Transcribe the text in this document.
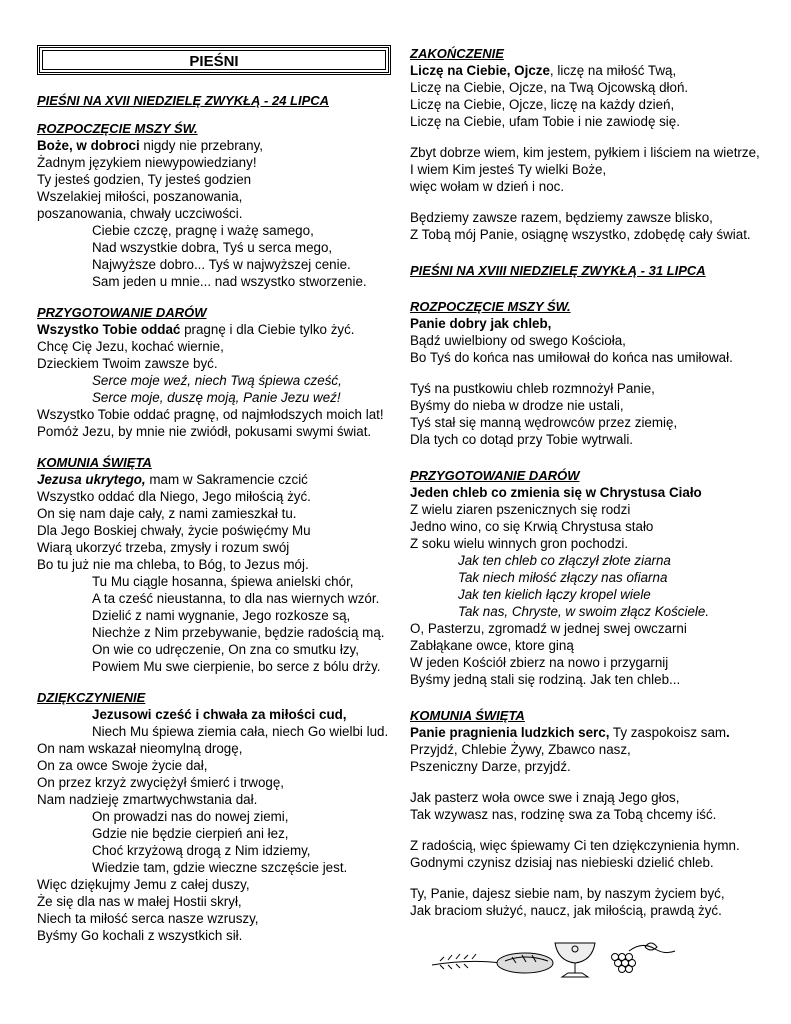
PIEŚNI
PIEŚNI NA XVII NIEDZIELĘ ZWYKŁĄ - 24 LIPCA
ROZPOCZĘCIE MSZY ŚW.
Boże, w dobroci nigdy nie przebrany,
Żadnym językiem niewypowiedziany!
Ty jesteś godzien, Ty jesteś godzien
Wszelakiej miłości, poszanowania,
poszanowania, chwały uczciwości.
Ciebie czczę, pragnę i ważę samego,
Nad wszystkie dobra, Tyś u serca mego,
Najwyższe dobro... Tyś w najwyższej cenie.
Sam jeden u mnie... nad wszystko stworzenie.
PRZYGOTOWANIE DARÓW
Wszystko Tobie oddać pragnę i dla Ciebie tylko żyć.
Chcę Cię Jezu, kochać wiernie,
Dzieckiem Twoim zawsze być.
Serce moje weź, niech Twą śpiewa cześć,
Serce moje, duszę moją, Panie Jezu weź!
Wszystko Tobie oddać pragnę, od najmłodszych moich lat!
Pomóż Jezu, by mnie nie zwiódł, pokusami swymi świat.
KOMUNIA ŚWIĘTA
Jezusa ukrytego, mam w Sakramencie czcić
Wszystko oddać dla Niego, Jego miłością żyć.
On się nam daje cały, z nami zamieszkał tu.
Dla Jego Boskiej chwały, życie poświęćmy Mu
Wiarą ukorzyć trzeba, zmysły i rozum swój
Bo tu już nie ma chleba, to Bóg, to Jezus mój.
Tu Mu ciągle hosanna, śpiewa anielski chór,
A ta cześć nieustanna, to dla nas wiernych wzór.
Dzielić z nami wygnanie, Jego rozkosze są,
Niechże z Nim przebywanie, będzie radością mą.
On wie co udręczenie, On zna co smutku łzy,
Powiem Mu swe cierpienie, bo serce z bólu drży.
DZIĘKCZYNIENIE
Jezusowi cześć i chwała za miłości cud,
Niech Mu śpiewa ziemia cała, niech Go wielbi lud.
On nam wskazał nieomylną drogę,
On za owce Swoje życie dał,
On przez krzyż zwyciężył śmierć i trwogę,
Nam nadzieję zmartwychwstania dał.
On prowadzi nas do nowej ziemi,
Gdzie nie będzie cierpień ani łez,
Choć krzyżową drogą z Nim idziemy,
Wiedzie tam, gdzie wieczne szczęście jest.
Więc dziękujmy Jemu z całej duszy,
Że się dla nas w małej Hostii skrył,
Niech ta miłość serca nasze wzruszy,
Byśmy Go kochali z wszystkich sił.
ZAKOŃCZENIE
Liczę na Ciebie, Ojcze, liczę na miłość Twą,
Liczę na Ciebie, Ojcze, na Twą Ojcowską dłoń.
Liczę na Ciebie, Ojcze, liczę na każdy dzień,
Liczę na Ciebie, ufam Tobie i nie zawiodę się.
Zbyt dobrze wiem, kim jestem, pyłkiem i liściem na wietrze,
I wiem Kim jesteś Ty wielki Boże,
więc wołam w dzień i noc.
Będziemy zawsze razem, będziemy zawsze blisko,
Z Tobą mój Panie, osiągnę wszystko, zdobędę cały świat.
PIEŚNI NA XVIII NIEDZIELĘ ZWYKŁĄ - 31 LIPCA
ROZPOCZĘCIE MSZY ŚW.
Panie dobry jak chleb,
Bądź uwielbiony od swego Kościoła,
Bo Tyś do końca nas umiłował do końca nas umiłował.
Tyś na pustkowiu chleb rozmnożył Panie,
Byśmy do nieba w drodze nie ustali,
Tyś stał się manną wędrowców przez ziemię,
Dla tych co dotąd przy Tobie wytrwali.
PRZYGOTOWANIE DARÓW
Jeden chleb co zmienia się w Chrystusa Ciało
Z wielu ziaren pszenicznych się rodzi
Jedno wino, co się Krwią Chrystusa stało
Z soku wielu winnych gron pochodzi.
Jak ten chleb co złączył złote ziarna
Tak niech miłość złączy nas ofiarna
Jak ten kielich łączy kropel wiele
Tak nas, Chryste, w swoim złącz Kościele.
O, Pasterzu, zgromadź w jednej swej owczarni
Zabłąkane owce, ktore giną
W jeden Kościół zbierz na nowo i przygarnij
Byśmy jedną stali się rodziną. Jak ten chleb...
KOMUNIA ŚWIĘTA
Panie pragnienia ludzkich serc, Ty zaspokoisz sam.
Przyjdź, Chlebie Żywy, Zbawco nasz,
Pszeniczny Darze, przyjdź.
Jak pasterz woła owce swe i znają Jego głos,
Tak wzywasz nas, rodzinę swa za Tobą chcemy iść.
Z radością, więc śpiewamy Ci ten dziękczynienia hymn.
Godnymi czynisz dzisiaj nas niebieski dzielić chleb.
Ty, Panie, dajesz siebie nam, by naszym życiem być,
Jak braciom służyć, naucz, jak miłością, prawdą żyć.
